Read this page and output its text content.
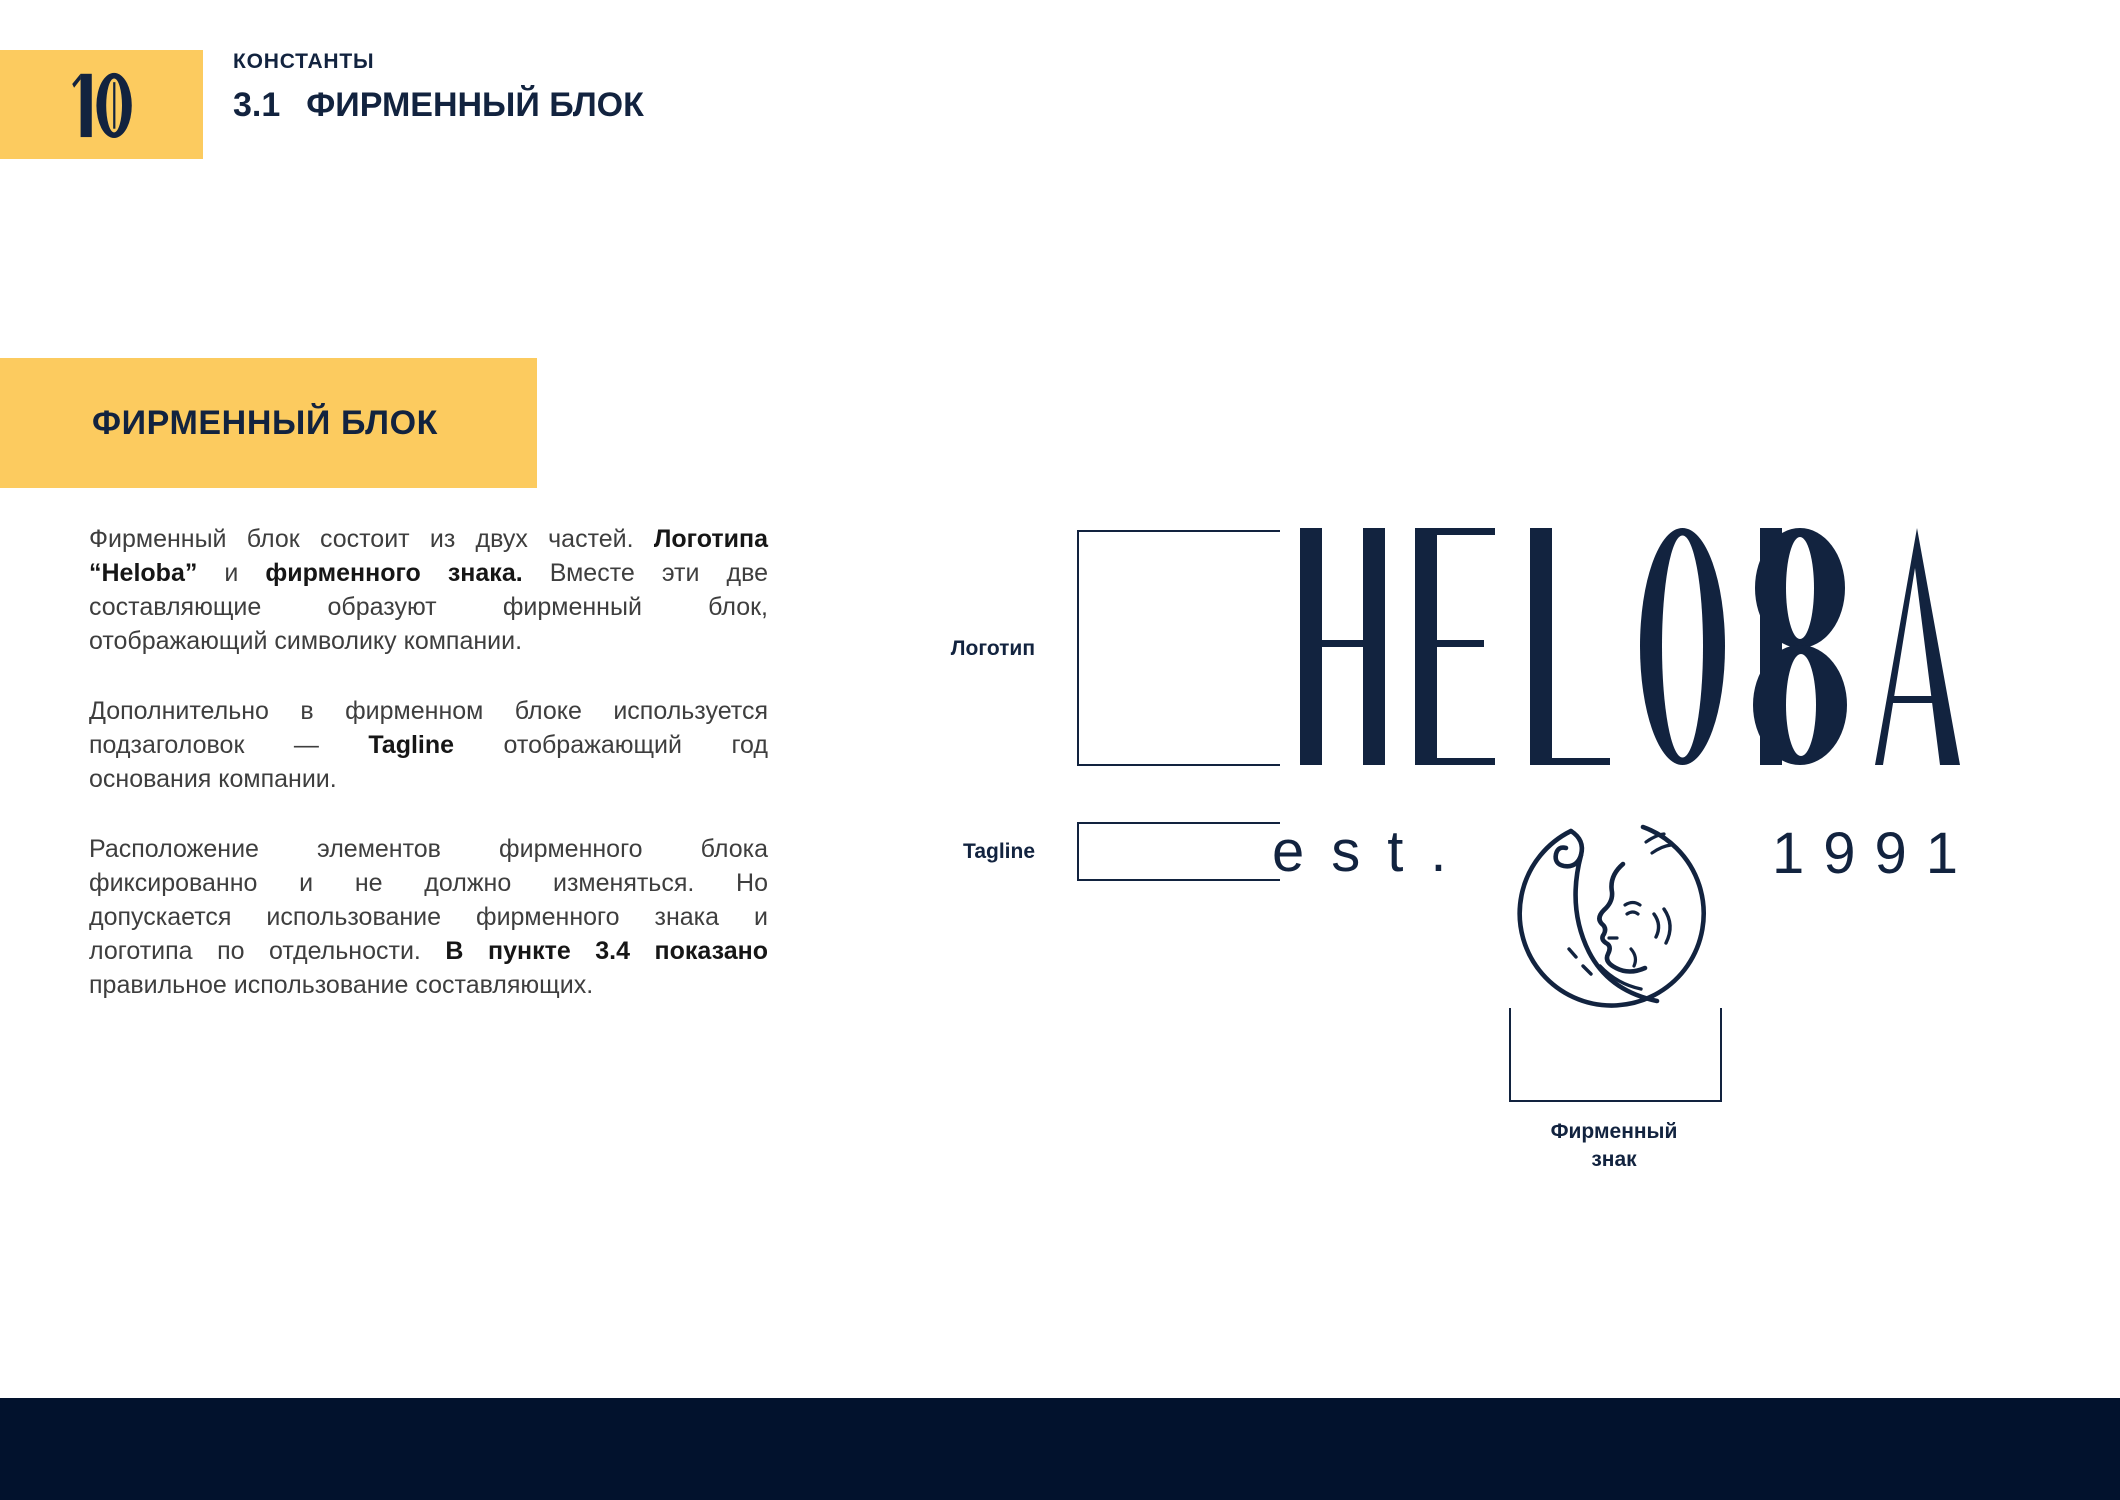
КОНСТАНТЫ
3.1 ФИРМЕННЫЙ БЛОК
ФИРМЕННЫЙ БЛОК
Фирменный блок состоит из двух частей. Логотипа
“Heloba” и фирменного знака. Вместе эти две
составляющие образуют фирменный блок,
отображающий символику компании.
Дополнительно в фирменном блоке используется
подзаголовок — Tagline отображающий год
основания компании.
Расположение элементов фирменного блока
фиксированно и не должно изменяться. Но
допускается использование фирменного знака и
логотипа по отдельности. В пункте 3.4 показано
правильное использование составляющих.
Логотип
Tagline	est.	1991
Фирменный
знак
